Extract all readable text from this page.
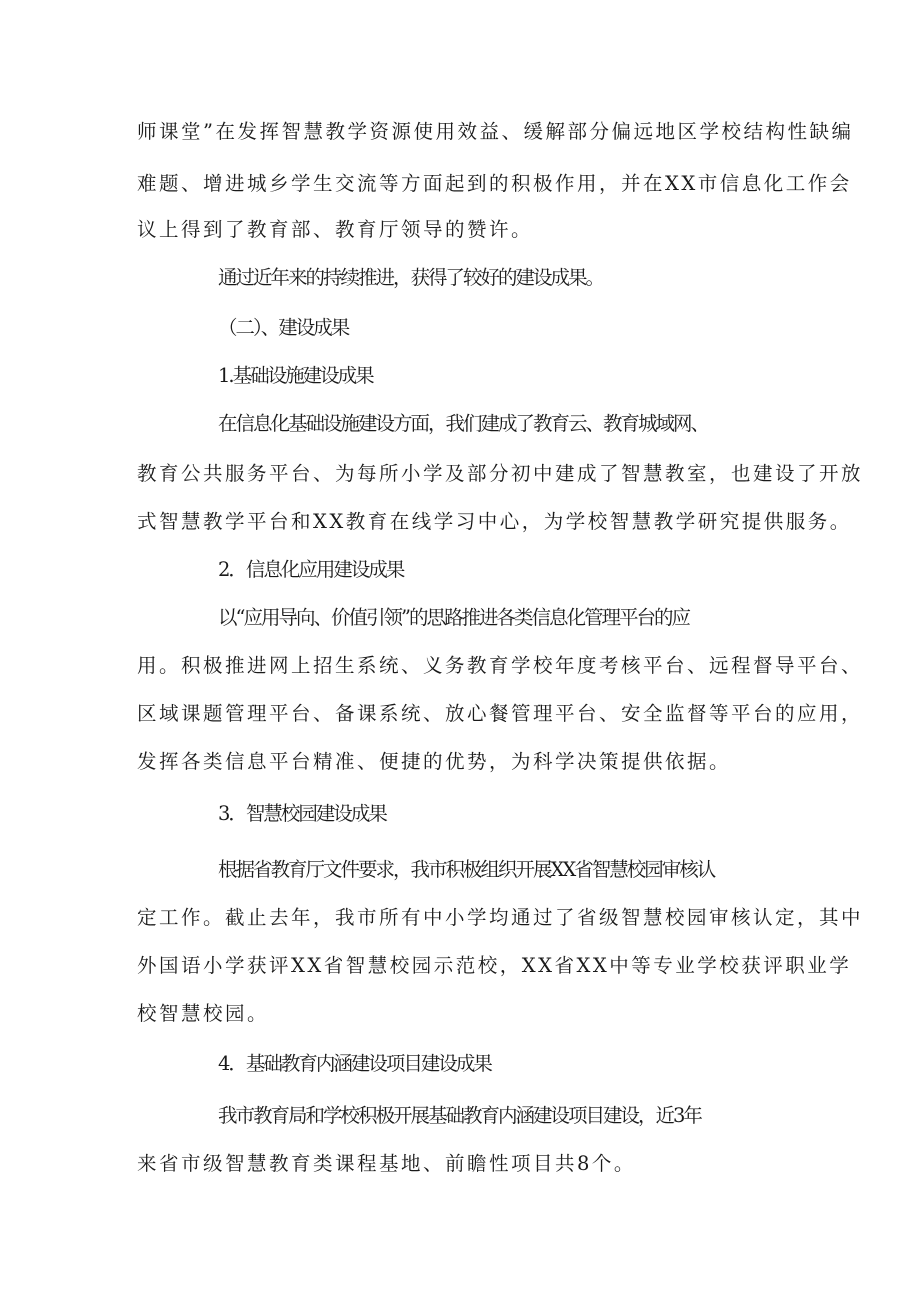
师课堂”在发挥智慧教学资源使用效益、缓解部分偏远地区学校结构性缺编
难题、增进城乡学生交流等方面起到的积极作用，并在XX市信息化工作会
议上得到了教育部、教育厅领导的赞许。
通过近年来的持续推进，获得了较好的建设成果。
（二）、建设成果
1.基础设施建设成果
在信息化基础设施建设方面，我们建成了教育云、教育城域网、
教育公共服务平台、为每所小学及部分初中建成了智慧教室，也建设了开放
式智慧教学平台和XX教育在线学习中心，为学校智慧教学研究提供服务。
2．信息化应用建设成果
以“应用导向、价值引领”的思路推进各类信息化管理平台的应
用。积极推进网上招生系统、义务教育学校年度考核平台、远程督导平台、
区域课题管理平台、备课系统、放心餐管理平台、安全监督等平台的应用，
发挥各类信息平台精准、便捷的优势，为科学决策提供依据。
3．智慧校园建设成果
根据省教育厅文件要求，我市积极组织开展XX省智慧校园审核认
定工作。截止去年，我市所有中小学均通过了省级智慧校园审核认定，其中
外国语小学获评XX省智慧校园示范校，XX省XX中等专业学校获评职业学
校智慧校园。
4．基础教育内涵建设项目建设成果
我市教育局和学校积极开展基础教育内涵建设项目建设，近3年
来省市级智慧教育类课程基地、前瞻性项目共8个。
